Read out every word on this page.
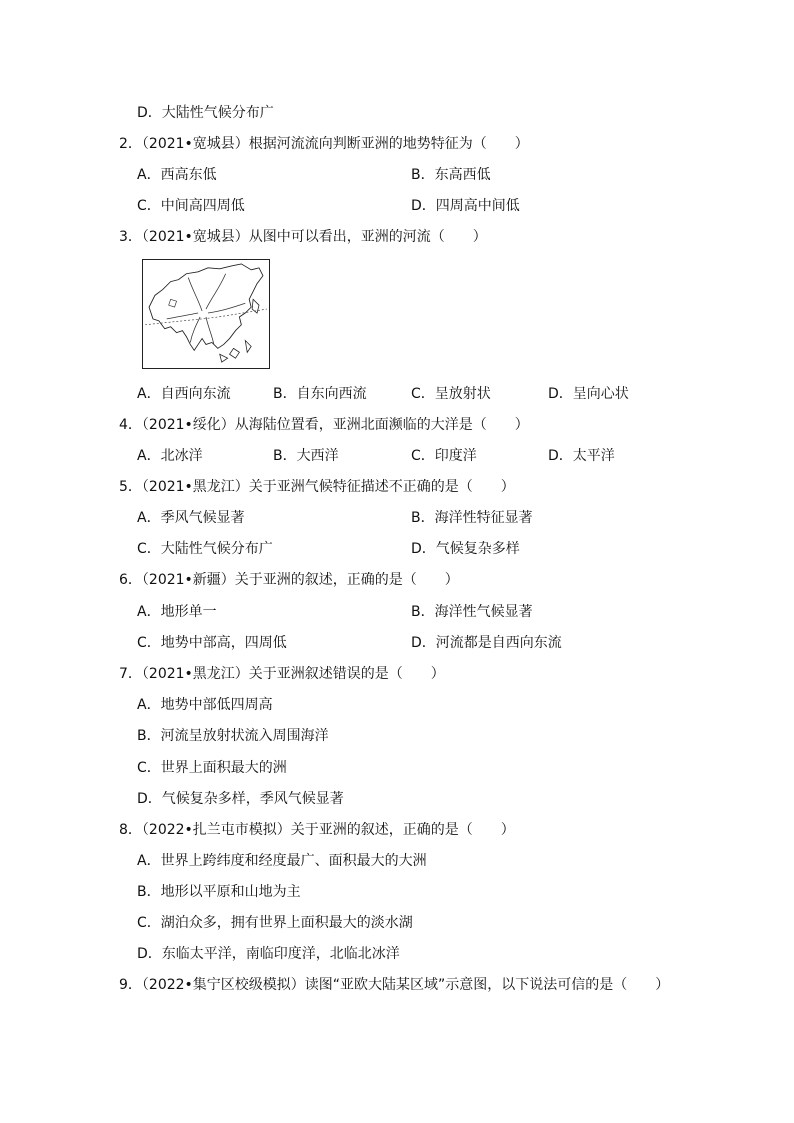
D．大陆性气候分布广
2．（2021•宽城县）根据河流流向判断亚洲的地势特征为（　　）
A．西高东低	B．东高西低
C．中间高四周低	D．四周高中间低
3．（2021•宽城县）从图中可以看出，亚洲的河流（　　）
A．自西向东流	B．自东向西流	C．呈放射状	D．呈向心状
4．（2021•绥化）从海陆位置看，亚洲北面濒临的大洋是（　　）
A．北冰洋	B．大西洋	C．印度洋	D．太平洋
5．（2021•黑龙江）关于亚洲气候特征描述不正确的是（　　）
A．季风气候显著	B．海洋性特征显著
C．大陆性气候分布广	D．气候复杂多样
6．（2021•新疆）关于亚洲的叙述，正确的是（　　）
A．地形单一	B．海洋性气候显著
C．地势中部高，四周低	D．河流都是自西向东流
7．（2021•黑龙江）关于亚洲叙述错误的是（　　）
A．地势中部低四周高
B．河流呈放射状流入周围海洋
C．世界上面积最大的洲
D．气候复杂多样，季风气候显著
8．（2022•扎兰屯市模拟）关于亚洲的叙述，正确的是（　　）
A．世界上跨纬度和经度最广、面积最大的大洲
B．地形以平原和山地为主
C．湖泊众多，拥有世界上面积最大的淡水湖
D．东临太平洋，南临印度洋，北临北冰洋
9．（2022•集宁区校级模拟）读图“亚欧大陆某区域”示意图，以下说法可信的是（　　）
